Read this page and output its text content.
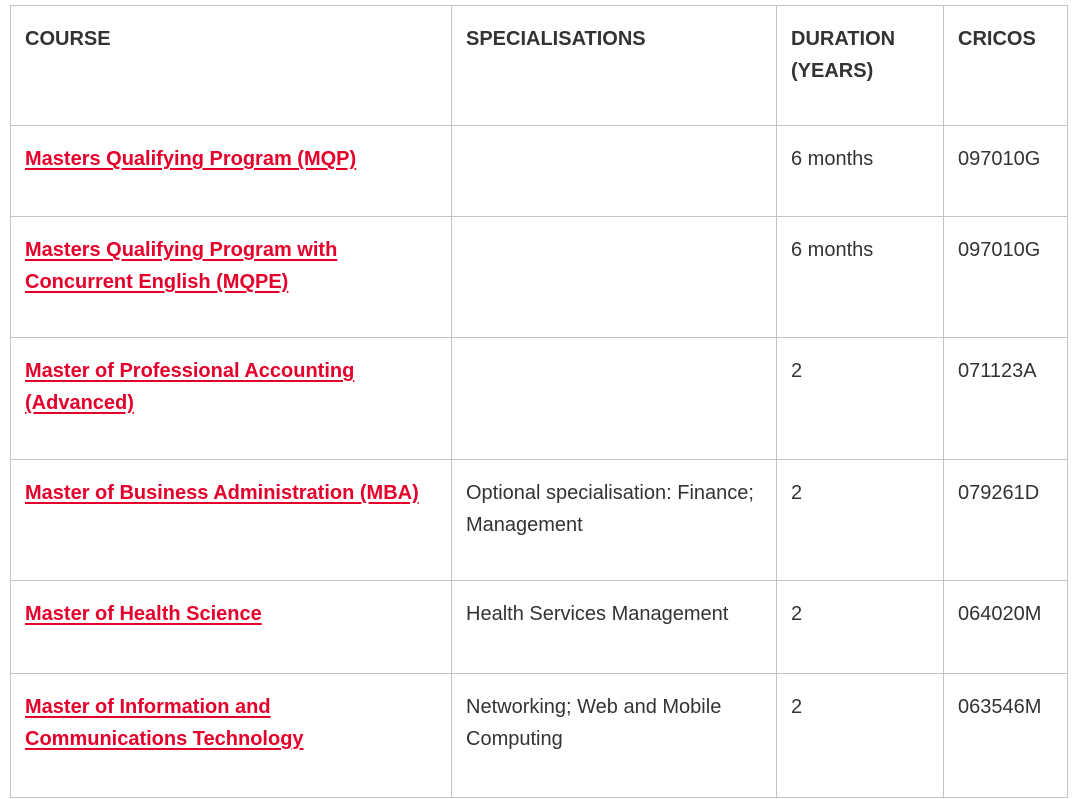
COURSE	SPECIALISATIONS	DURATION (YEARS)	CRICOS
Masters Qualifying Program (MQP)		6 months	097010G
Masters Qualifying Program with Concurrent English (MQPE)		6 months	097010G
Master of Professional Accounting (Advanced)		2	071123A
Master of Business Administration (MBA)	Optional specialisation: Finance; Management	2	079261D
Master of Health Science	Health Services Management	2	064020M
Master of Information and Communications Technology	Networking; Web and Mobile Computing	2	063546M
